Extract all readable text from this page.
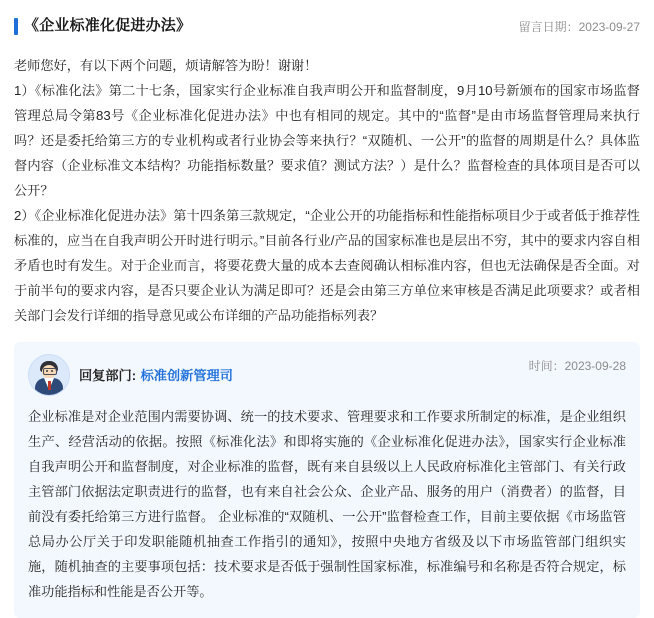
《企业标准化促进办法》	留言日期：2023-09-27

老师您好，有以下两个问题，烦请解答为盼！谢谢！

1）《标准化法》第二十七条，国家实行企业标准自我声明公开和监督制度，9月10号新颁布的国家市场监督管理总局令第83号《企业标准化促进办法》中也有相同的规定。其中的“监督”是由市场监督管理局来执行吗？还是委托给第三方的专业机构或者行业协会等来执行？“双随机、一公开”的监督的周期是什么？具体监督内容（企业标准文本结构？功能指标数量？要求值？测试方法？）是什么？监督检查的具体项目是否可以公开？

2）《企业标准化促进办法》第十四条第三款规定，“企业公开的功能指标和性能指标项目少于或者低于推荐性标准的，应当在自我声明公开时进行明示。”目前各行业/产品的国家标准也是层出不穷，其中的要求内容自相矛盾也时有发生。对于企业而言，将要花费大量的成本去查阅确认相标准内容，但也无法确保是否全面。对于前半句的要求内容，是否只要企业认为满足即可？还是会由第三方单位来审核是否满足此项要求？或者相关部门会发行详细的指导意见或公布详细的产品功能指标列表？

回复部门: 标准创新管理司
时间：2023-09-28

企业标准是对企业范围内需要协调、统一的技术要求、管理要求和工作要求所制定的标准，是企业组织生产、经营活动的依据。按照《标准化法》和即将实施的《企业标准化促进办法》，国家实行企业标准自我声明公开和监督制度，对企业标准的监督，既有来自县级以上人民政府标准化主管部门、有关行政主管部门依据法定职责进行的监督，也有来自社会公众、企业产品、服务的用户（消费者）的监督，目前没有委托给第三方进行监督。 企业标准的“双随机、一公开”监督检查工作，目前主要依据《市场监管总局办公厅关于印发职能随机抽查工作指引的通知》，按照中央地方省级及以下市场监管部门组织实施，随机抽查的主要事项包括：技术要求是否低于强制性国家标准，标准编号和名称是否符合规定，标准功能指标和性能是否公开等。
